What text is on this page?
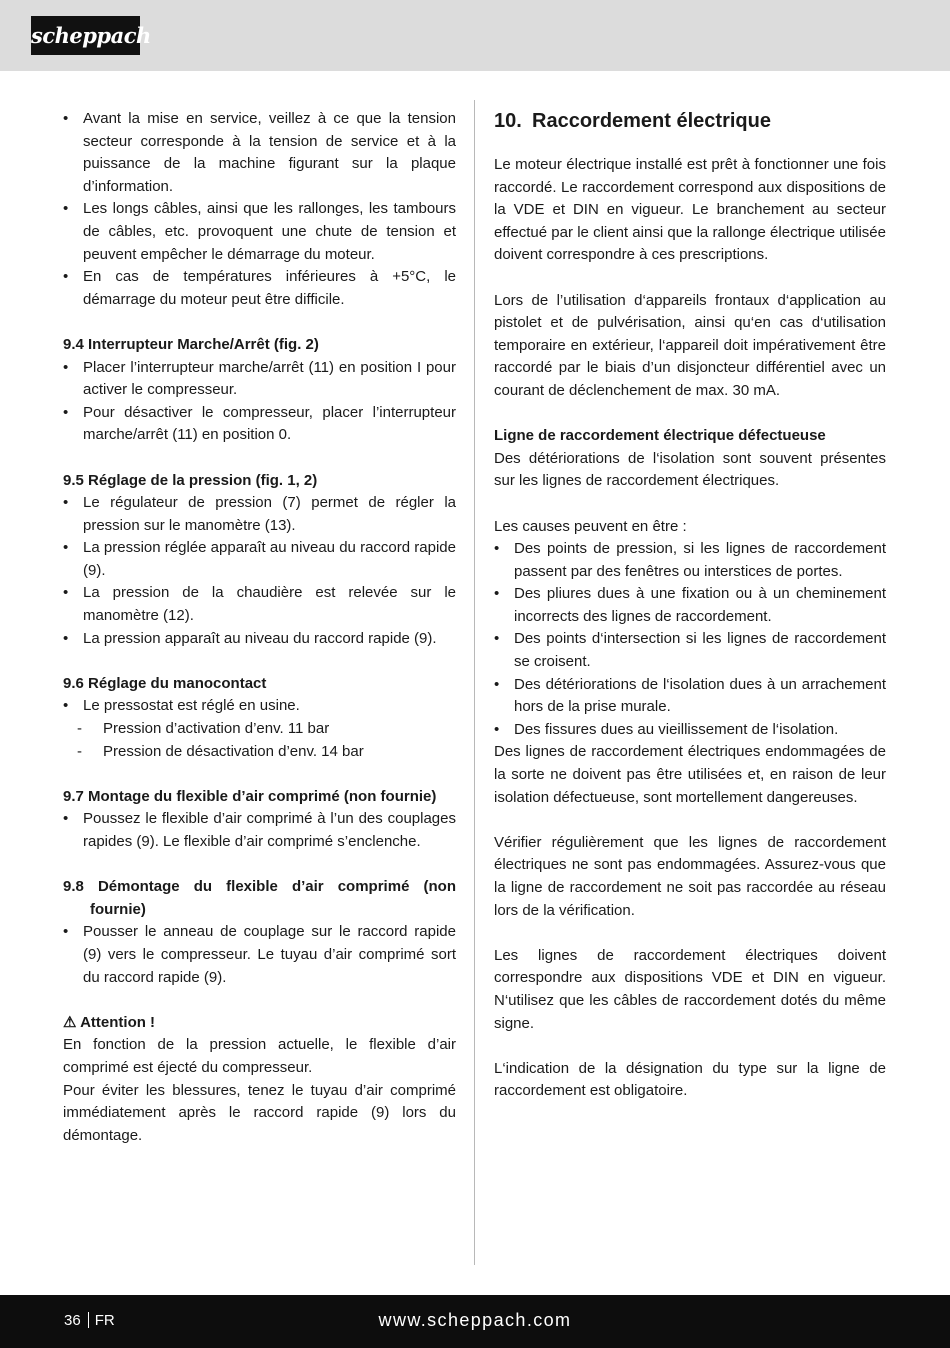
scheppach
• Avant la mise en service, veillez à ce que la tension secteur corresponde à la tension de service et à la puissance de la machine figurant sur la plaque d’information.
• Les longs câbles, ainsi que les rallonges, les tambours de câbles, etc. provoquent une chute de tension et peuvent empêcher le démarrage du moteur.
• En cas de températures inférieures à +5°C, le démarrage du moteur peut être difficile.
9.4 Interrupteur Marche/Arrêt (fig. 2)
• Placer l’interrupteur marche/arrêt (11) en position I pour activer le compresseur.
• Pour désactiver le compresseur, placer l’interrupteur marche/arrêt (11) en position 0.
9.5 Réglage de la pression (fig. 1, 2)
• Le régulateur de pression (7) permet de régler la pression sur le manomètre (13).
• La pression réglée apparaît au niveau du raccord rapide (9).
• La pression de la chaudière est relevée sur le manomètre (12).
• La pression apparaît au niveau du raccord rapide (9).
9.6 Réglage du manocontact
• Le pressostat est réglé en usine.
- Pression d’activation d’env. 11 bar
- Pression de désactivation d’env. 14 bar
9.7 Montage du flexible d’air comprimé (non fournie)
• Poussez le flexible d’air comprimé à l’un des couplages rapides (9). Le flexible d’air comprimé s’enclenche.
9.8 Démontage du flexible d’air comprimé (non fournie)
• Pousser le anneau de couplage sur le raccord rapide (9) vers le compresseur. Le tuyau d’air comprimé sort du raccord rapide (9).
⚠ Attention !

En fonction de la pression actuelle, le flexible d’air comprimé est éjecté du compresseur.

Pour éviter les blessures, tenez le tuyau d’air comprimé immédiatement après le raccord rapide (9) lors du démontage.

10. Raccordement électrique

Le moteur électrique installé est prêt à fonctionner une fois raccordé. Le raccordement correspond aux dispositions de la VDE et DIN en vigueur. Le branchement au secteur effectué par le client ainsi que la rallonge électrique utilisée doivent correspondre à ces prescriptions.

Lors de l’utilisation d‘appareils frontaux d‘application au pistolet et de pulvérisation, ainsi qu‘en cas d‘utilisation temporaire en extérieur, l‘appareil doit impérativement être raccordé par le biais d’un disjoncteur différentiel avec un courant de déclenchement de max. 30 mA.

Ligne de raccordement électrique défectueuse

Des détériorations de l‘isolation sont souvent présentes sur les lignes de raccordement électriques.

Les causes peuvent en être :

• Des points de pression, si les lignes de raccordement passent par des fenêtres ou interstices de portes.
• Des pliures dues à une fixation ou à un cheminement incorrects des lignes de raccordement.
• Des points d‘intersection si les lignes de raccordement se croisent.
• Des détériorations de l‘isolation dues à un arrachement hors de la prise murale.
• Des fissures dues au vieillissement de l‘isolation.

Des lignes de raccordement électriques endommagées de la sorte ne doivent pas être utilisées et, en raison de leur isolation défectueuse, sont mortellement dangereuses.

Vérifier régulièrement que les lignes de raccordement électriques ne sont pas endommagées. Assurez-vous que la ligne de raccordement ne soit pas raccordée au réseau lors de la vérification.

Les lignes de raccordement électriques doivent correspondre aux dispositions VDE et DIN en vigueur. N‘utilisez que les câbles de raccordement dotés du même signe.

L‘indication de la désignation du type sur la ligne de raccordement est obligatoire.

36 FR	www.scheppach.com
